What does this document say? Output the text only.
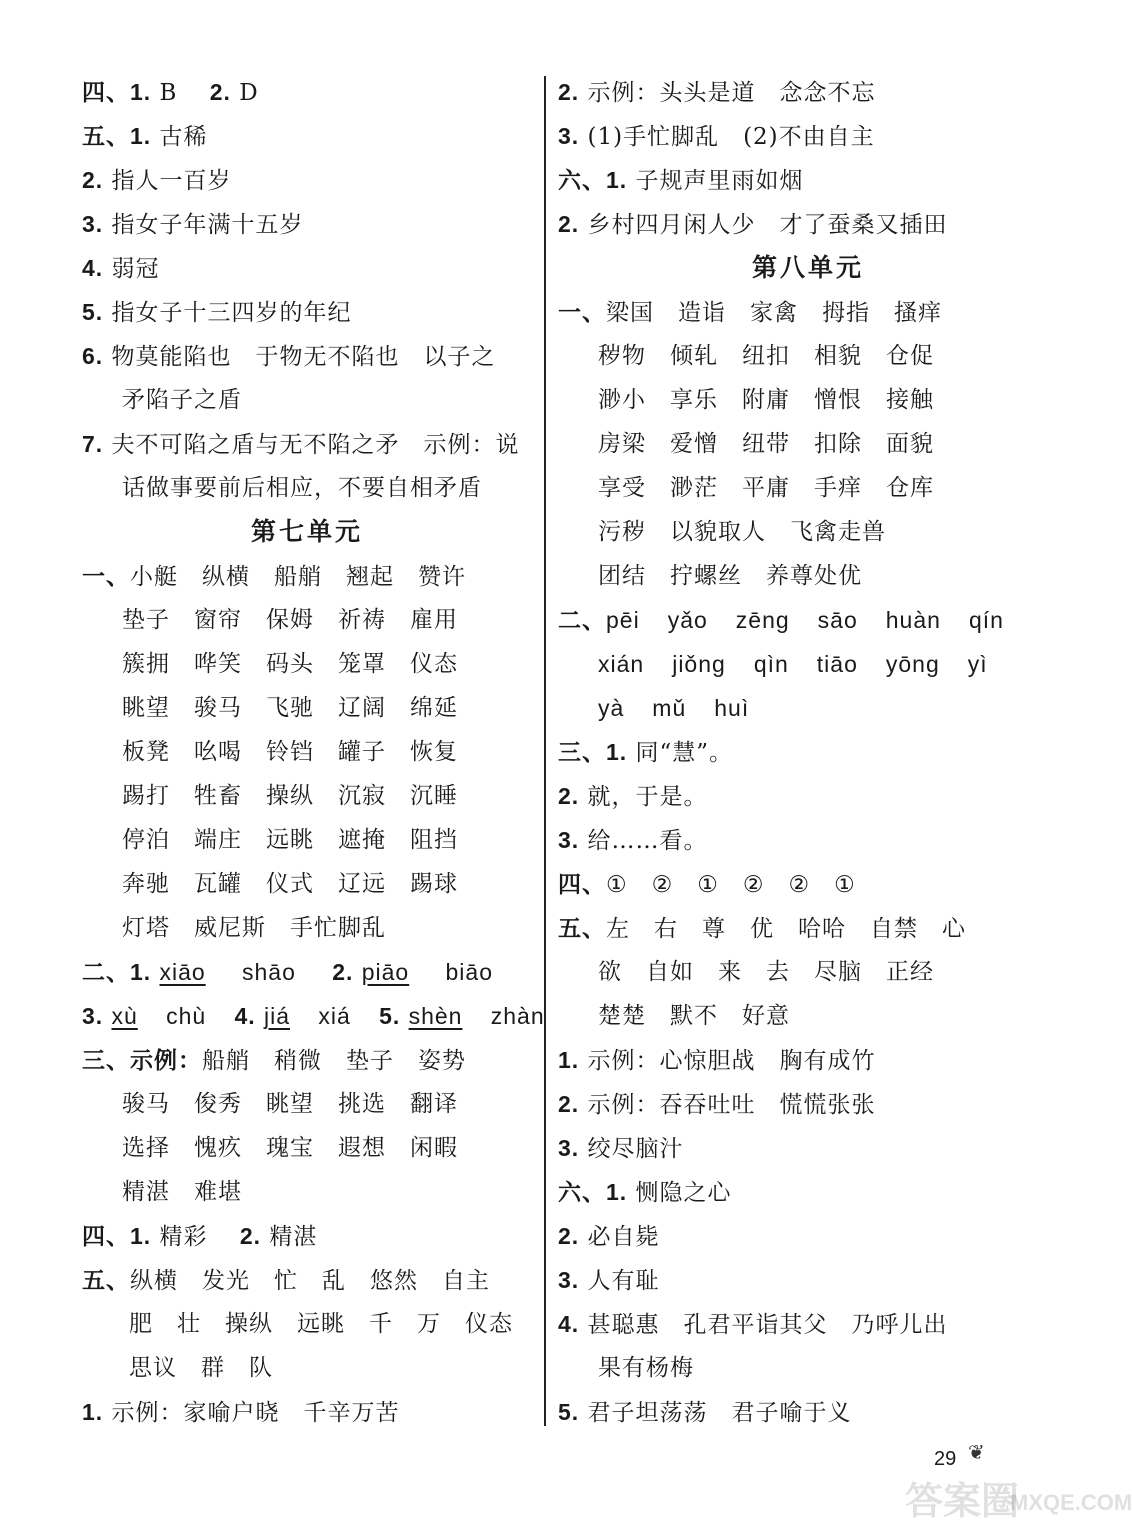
四、1. B 2. D
五、1. 古稀
2. 指人一百岁
3. 指女子年满十五岁
4. 弱冠
5. 指女子十三四岁的年纪
6. 物莫能陷也　于物无不陷也　以子之
矛陷子之盾
7. 夫不可陷之盾与无不陷之矛　示例：说
话做事要前后相应，不要自相矛盾
第七单元
一、小艇 纵横 船艄 翘起 赞许
垫子 窗帘 保姆 祈祷 雇用
簇拥 哗笑 码头 笼罩 仪态
眺望 骏马 飞驰 辽阔 绵延
板凳 吆喝 铃铛 罐子 恢复
踢打 牲畜 操纵 沉寂 沉睡
停泊 端庄 远眺 遮掩 阻挡
奔驰 瓦罐 仪式 辽远 踢球
灯塔 威尼斯 手忙脚乱
二、1. xiāo shāo 2. piāo biāo
3. xù chù 4. jiá xiá 5. shèn zhàn
三、示例：船艄 稍微 垫子 姿势
骏马 俊秀 眺望 挑选 翻译
选择 愧疚 瑰宝 遐想 闲暇
精湛 难堪
四、1. 精彩 2. 精湛
五、纵横 发光 忙 乱 悠然 自主
肥 壮 操纵 远眺 千 万 仪态
思议 群 队
1. 示例：家喻户晓　千辛万苦
2. 示例：头头是道　念念不忘
3. (1)手忙脚乱　(2)不由自主
六、1. 子规声里雨如烟
2. 乡村四月闲人少　才了蚕桑又插田
第八单元
一、梁国 造诣 家禽 拇指 搔痒
秽物 倾轧 纽扣 相貌 仓促
渺小 享乐 附庸 憎恨 接触
房梁 爱憎 纽带 扣除 面貌
享受 渺茫 平庸 手痒 仓库
污秽 以貌取人 飞禽走兽
团结 拧螺丝 养尊处优
二、pēi yǎo zēng sāo huàn qín
xián jiǒng qìn tiāo yōng yì
yà mǔ huì
三、1. 同“慧”。
2. 就，于是。
3. 给……看。
四、① ② ① ② ② ①
五、左 右 尊 优 哈哈 自禁 心
欲 自如 来 去 尽脑 正经
楚楚 默不 好意
1. 示例：心惊胆战　胸有成竹
2. 示例：吞吞吐吐　慌慌张张
3. 绞尽脑汁
六、1. 恻隐之心
2. 必自毙
3. 人有耻
4. 甚聪惠　孔君平诣其父　乃呼儿出
果有杨梅
5. 君子坦荡荡　君子喻于义
29 ❦
答案圈
MXQE.COM
